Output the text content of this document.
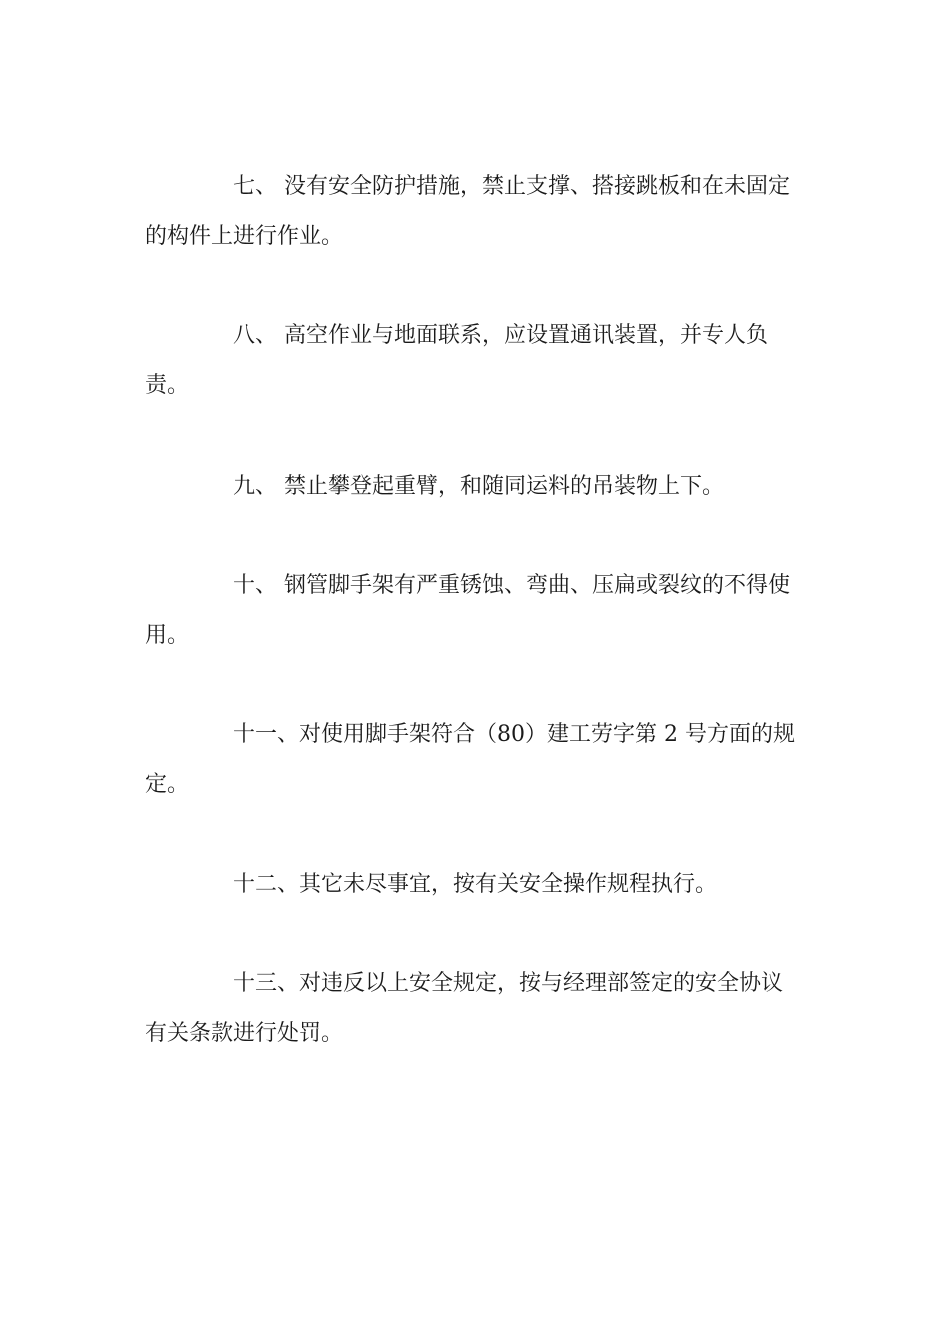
七、 没有安全防护措施，禁止支撑、搭接跳板和在未固定
的构件上进行作业。
八、 高空作业与地面联系，应设置通讯装置，并专人负
责。
九、 禁止攀登起重臂，和随同运料的吊装物上下。
十、 钢管脚手架有严重锈蚀、弯曲、压扁或裂纹的不得使
用。
十一、对使用脚手架符合（80）建工劳字第 2 号方面的规
定。
十二、其它未尽事宜，按有关安全操作规程执行。
十三、对违反以上安全规定，按与经理部签定的安全协议
有关条款进行处罚。
